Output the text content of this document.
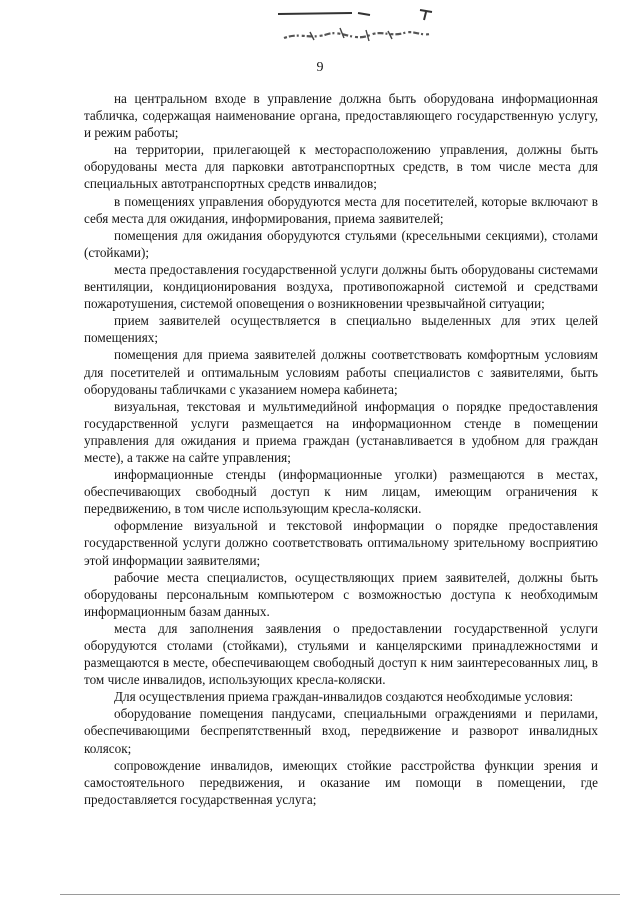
9

на центральном входе в управление должна быть оборудована информационная табличка, содержащая наименование органа, предоставляющего государственную услугу, и режим работы;

на территории, прилегающей к месторасположению управления, должны быть оборудованы места для парковки автотранспортных средств, в том числе места для специальных автотранспортных средств инвалидов;

в помещениях управления оборудуются места для посетителей, которые включают в себя места для ожидания, информирования, приема заявителей;

помещения для ожидания оборудуются стульями (кресельными секциями), столами (стойками);

места предоставления государственной услуги должны быть оборудованы системами вентиляции, кондиционирования воздуха, противопожарной системой и средствами пожаротушения, системой оповещения о возникновении чрезвычайной ситуации;

прием заявителей осуществляется в специально выделенных для этих целей помещениях;

помещения для приема заявителей должны соответствовать комфортным условиям для посетителей и оптимальным условиям работы специалистов с заявителями, быть оборудованы табличками с указанием номера кабинета;

визуальная, текстовая и мультимедийной информация о порядке предоставления государственной услуги размещается на информационном стенде в помещении управления для ожидания и приема граждан (устанавливается в удобном для граждан месте), а также на сайте управления;

информационные стенды (информационные уголки) размещаются в местах, обеспечивающих свободный доступ к ним лицам, имеющим ограничения к передвижению, в том числе использующим кресла-коляски.

оформление визуальной и текстовой информации о порядке предоставления государственной услуги должно соответствовать оптимальному зрительному восприятию этой информации заявителями;

рабочие места специалистов, осуществляющих прием заявителей, должны быть оборудованы персональным компьютером с возможностью доступа к необходимым информационным базам данных.

места для заполнения заявления о предоставлении государственной услуги оборудуются столами (стойками), стульями и канцелярскими принадлежностями и размещаются в месте, обеспечивающем свободный доступ к ним заинтересованных лиц, в том числе инвалидов, использующих кресла-коляски.

Для осуществления приема граждан-инвалидов создаются необходимые условия:

оборудование помещения пандусами, специальными ограждениями и перилами, обеспечивающими беспрепятственный вход, передвижение и разворот инвалидных колясок;

сопровождение инвалидов, имеющих стойкие расстройства функции зрения и самостоятельного передвижения, и оказание им помощи в помещении, где предоставляется государственная услуга;
